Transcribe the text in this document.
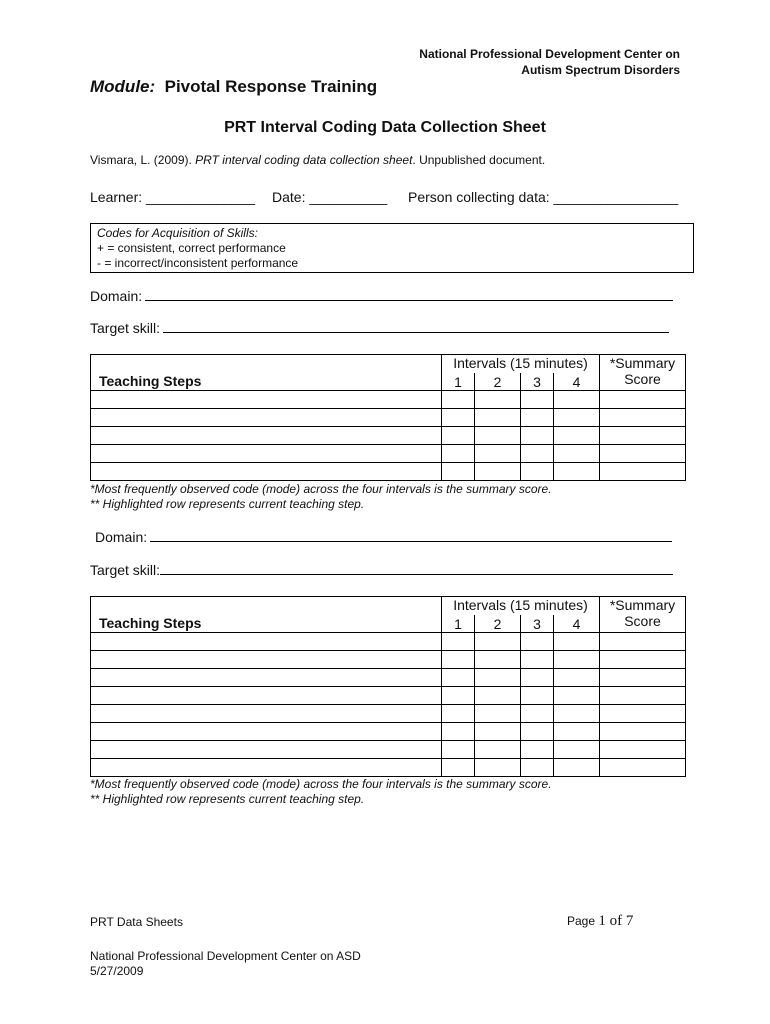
National Professional Development Center on
Autism Spectrum Disorders
Module: Pivotal Response Training
PRT Interval Coding Data Collection Sheet
Vismara, L. (2009). PRT interval coding data collection sheet. Unpublished document.
Learner: ______________ Date: __________ Person collecting data: ________________
Codes for Acquisition of Skills:
+ = consistent, correct performance
- = incorrect/inconsistent performance
Domain:
Target skill:
Teaching Steps	Intervals (15 minutes)				*Summary
Score

	1	2	3	4	

*Most frequently observed code (mode) across the four intervals is the summary score.
** Highlighted row represents current teaching step.
Domain:
Target skill:
Teaching Steps	Intervals (15 minutes)				*Summary
Score

	1	2	3	4	

*Most frequently observed code (mode) across the four intervals is the summary score.
** Highlighted row represents current teaching step.
PRT Data Sheets	Page 1 of 7
National Professional Development Center on ASD
5/27/2009
